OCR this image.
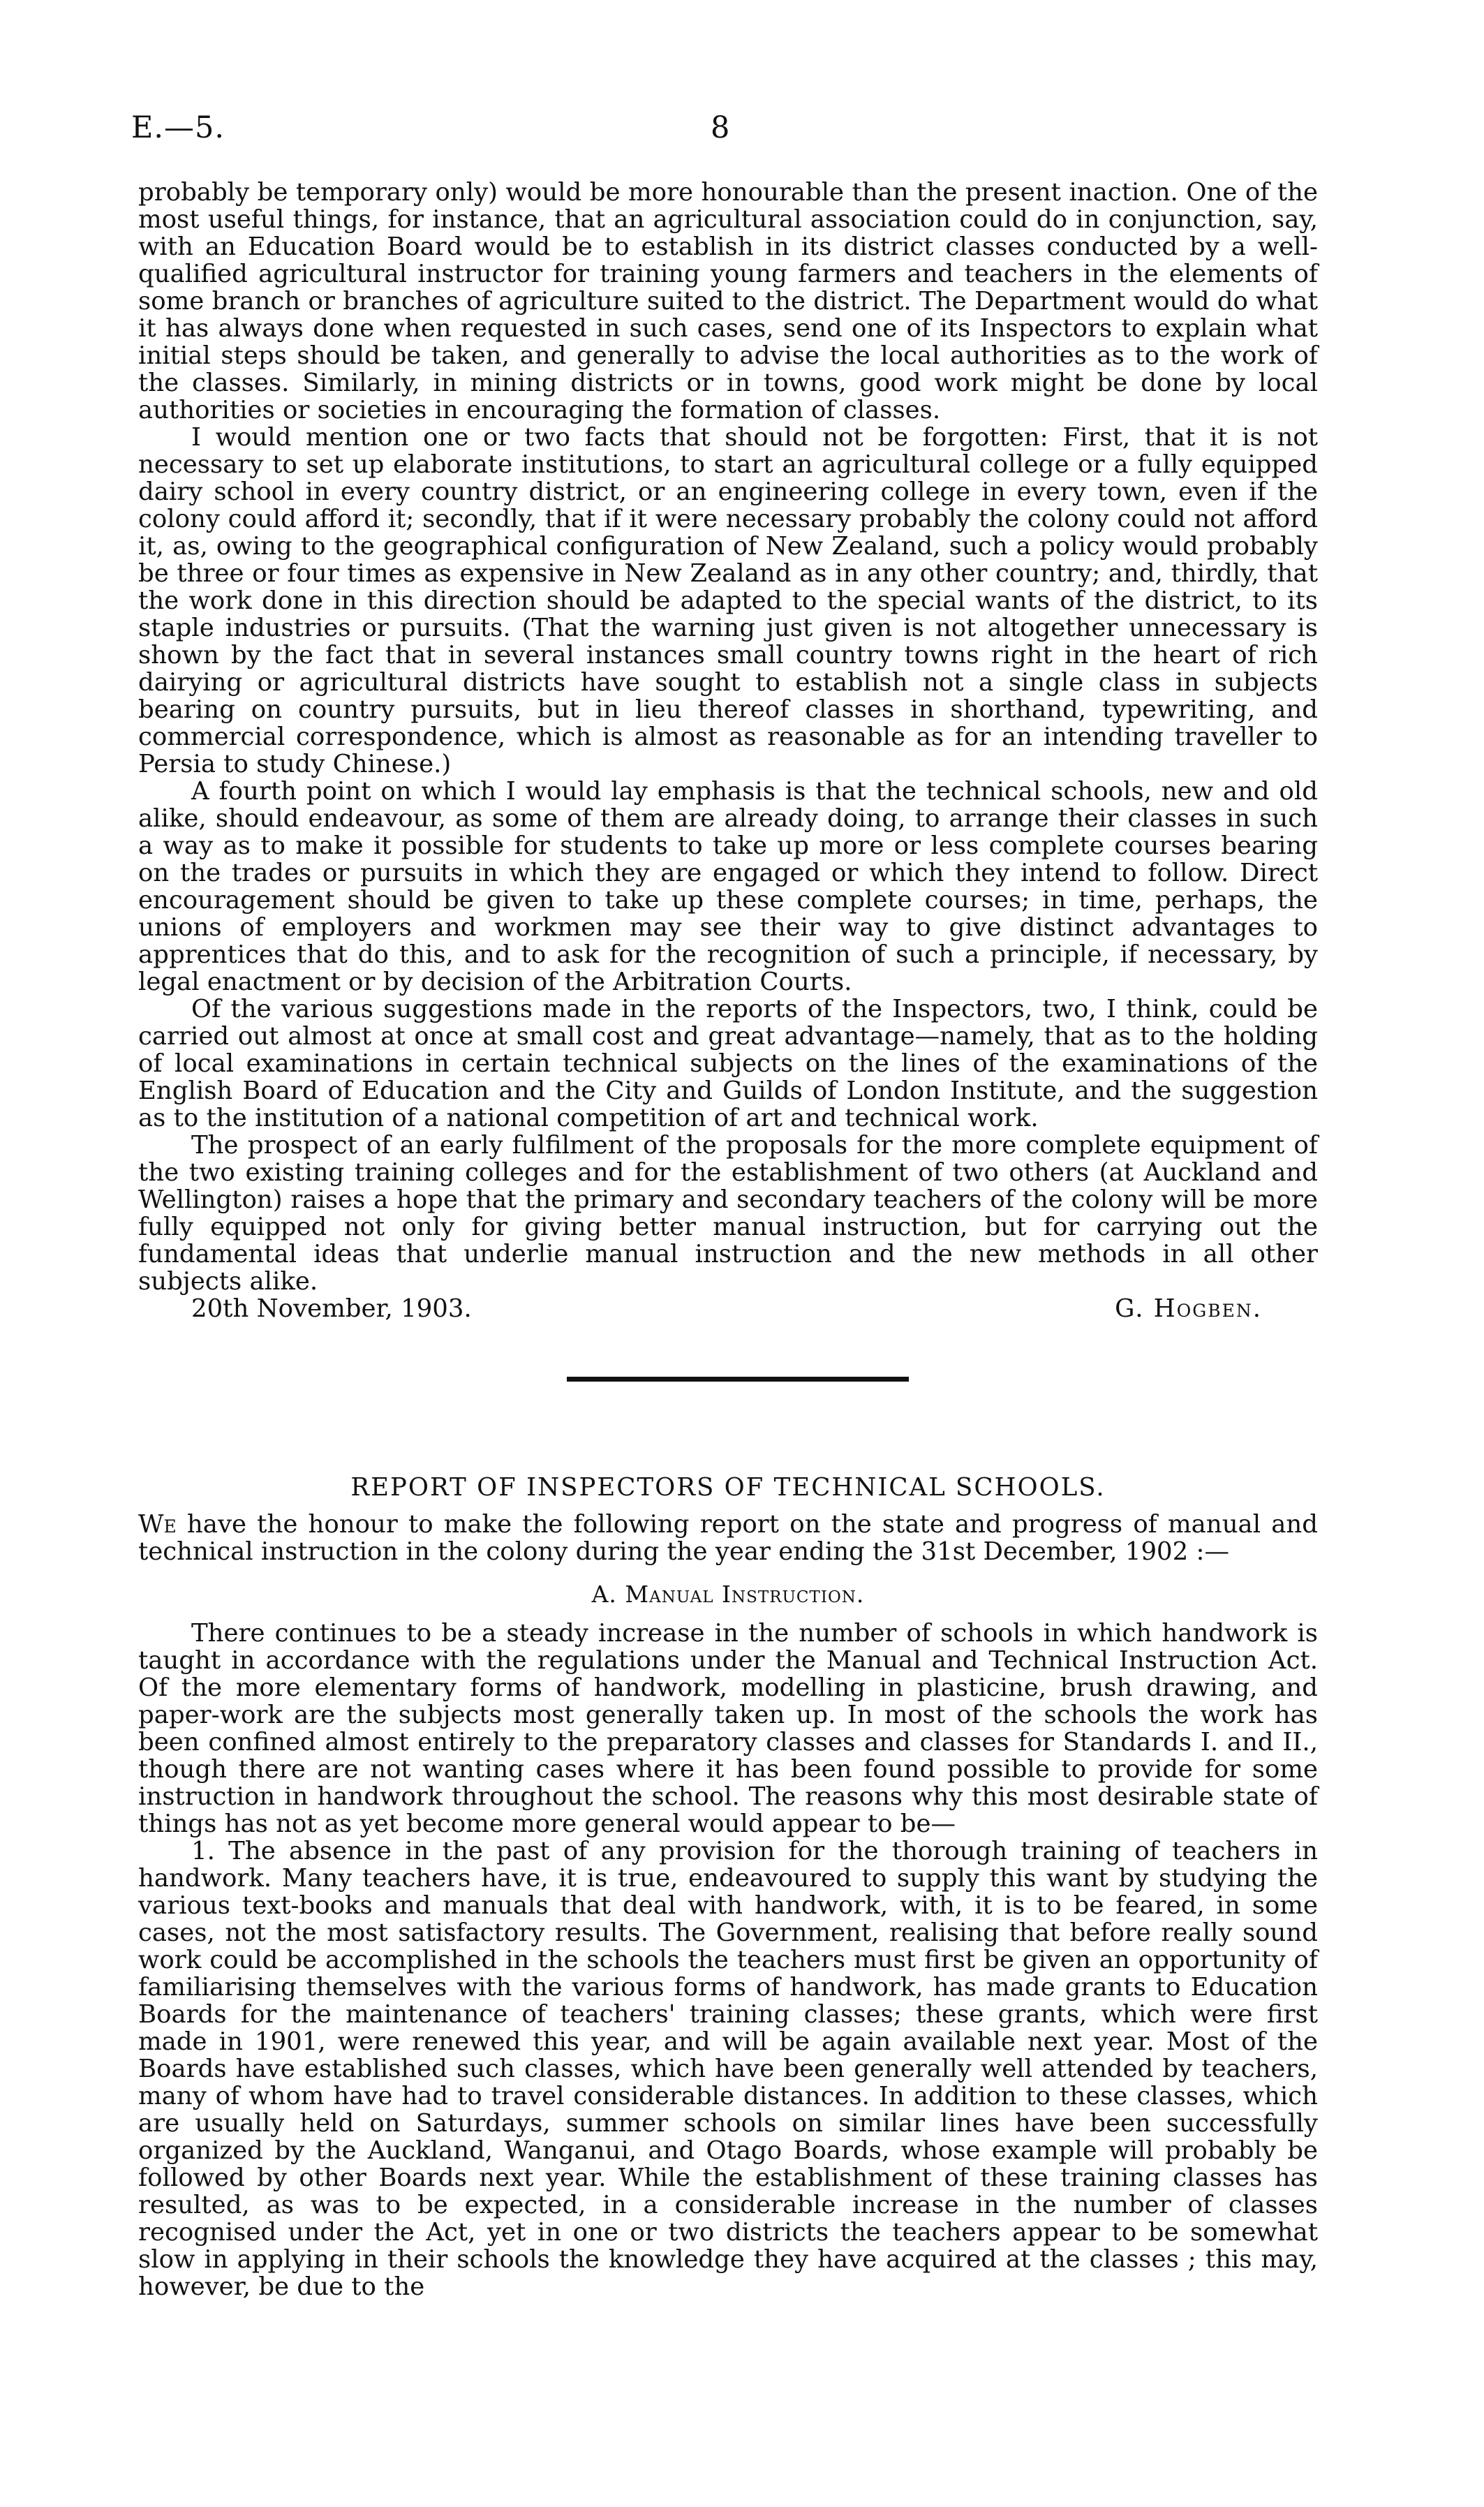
E.—5.	8

probably be temporary only) would be more honourable than the present inaction. One of the most useful things, for instance, that an agricultural association could do in conjunction, say, with an Education Board would be to establish in its district classes conducted by a well-qualified agricultural instructor for training young farmers and teachers in the elements of some branch or branches of agriculture suited to the district. The Department would do what it has always done when requested in such cases, send one of its Inspectors to explain what initial steps should be taken, and generally to advise the local authorities as to the work of the classes. Similarly, in mining districts or in towns, good work might be done by local authorities or societies in encouraging the formation of classes.

I would mention one or two facts that should not be forgotten: First, that it is not necessary to set up elaborate institutions, to start an agricultural college or a fully equipped dairy school in every country district, or an engineering college in every town, even if the colony could afford it; secondly, that if it were necessary probably the colony could not afford it, as, owing to the geographical configuration of New Zealand, such a policy would probably be three or four times as expensive in New Zealand as in any other country; and, thirdly, that the work done in this direction should be adapted to the special wants of the district, to its staple industries or pursuits. (That the warning just given is not altogether unnecessary is shown by the fact that in several instances small country towns right in the heart of rich dairying or agricultural districts have sought to establish not a single class in subjects bearing on country pursuits, but in lieu thereof classes in shorthand, typewriting, and commercial correspondence, which is almost as reasonable as for an intending traveller to Persia to study Chinese.)

A fourth point on which I would lay emphasis is that the technical schools, new and old alike, should endeavour, as some of them are already doing, to arrange their classes in such a way as to make it possible for students to take up more or less complete courses bearing on the trades or pursuits in which they are engaged or which they intend to follow. Direct encouragement should be given to take up these complete courses; in time, perhaps, the unions of employers and workmen may see their way to give distinct advantages to apprentices that do this, and to ask for the recognition of such a principle, if necessary, by legal enactment or by decision of the Arbitration Courts.

Of the various suggestions made in the reports of the Inspectors, two, I think, could be carried out almost at once at small cost and great advantage—namely, that as to the holding of local examinations in certain technical subjects on the lines of the examinations of the English Board of Education and the City and Guilds of London Institute, and the suggestion as to the institution of a national competition of art and technical work.

The prospect of an early fulfilment of the proposals for the more complete equipment of the two existing training colleges and for the establishment of two others (at Auckland and Wellington) raises a hope that the primary and secondary teachers of the colony will be more fully equipped not only for giving better manual instruction, but for carrying out the fundamental ideas that underlie manual instruction and the new methods in all other subjects alike.

20th November, 1903.	G. Hogben.
REPORT OF INSPECTORS OF TECHNICAL SCHOOLS.

We have the honour to make the following report on the state and progress of manual and technical instruction in the colony during the year ending the 31st December, 1902 :—

A. Manual Instruction.

There continues to be a steady increase in the number of schools in which handwork is taught in accordance with the regulations under the Manual and Technical Instruction Act. Of the more elementary forms of handwork, modelling in plasticine, brush drawing, and paper-work are the subjects most generally taken up. In most of the schools the work has been confined almost entirely to the preparatory classes and classes for Standards I. and II., though there are not wanting cases where it has been found possible to provide for some instruction in handwork throughout the school. The reasons why this most desirable state of things has not as yet become more general would appear to be—

1. The absence in the past of any provision for the thorough training of teachers in handwork. Many teachers have, it is true, endeavoured to supply this want by studying the various text-books and manuals that deal with handwork, with, it is to be feared, in some cases, not the most satisfactory results. The Government, realising that before really sound work could be accomplished in the schools the teachers must first be given an opportunity of familiarising themselves with the various forms of handwork, has made grants to Education Boards for the maintenance of teachers' training classes; these grants, which were first made in 1901, were renewed this year, and will be again available next year. Most of the Boards have established such classes, which have been generally well attended by teachers, many of whom have had to travel considerable distances. In addition to these classes, which are usually held on Saturdays, summer schools on similar lines have been successfully organized by the Auckland, Wanganui, and Otago Boards, whose example will probably be followed by other Boards next year. While the establishment of these training classes has resulted, as was to be expected, in a considerable increase in the number of classes recognised under the Act, yet in one or two districts the teachers appear to be somewhat slow in applying in their schools the knowledge they have acquired at the classes ; this may, however, be due to the
